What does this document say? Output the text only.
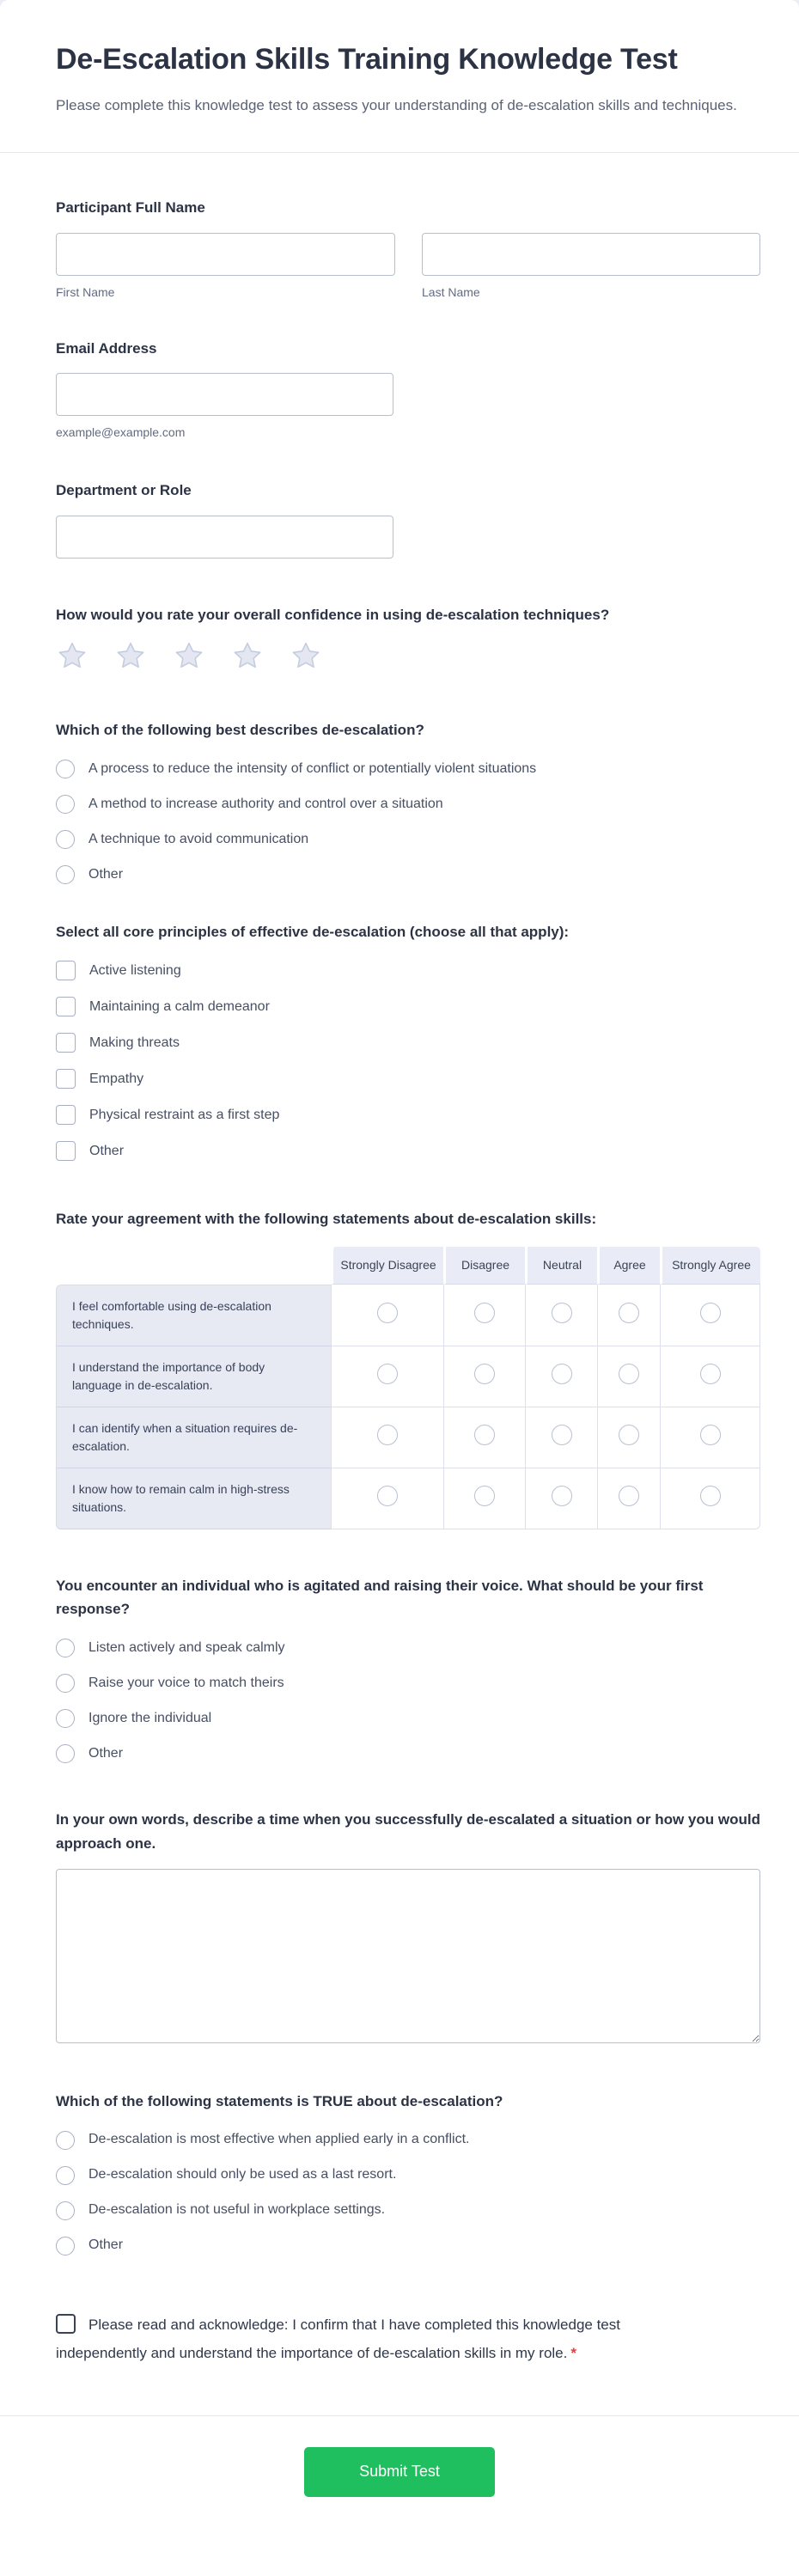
De-Escalation Skills Training Knowledge Test

Please complete this knowledge test to assess your understanding of de-escalation skills and techniques.

Participant Full Name
First Name	Last Name
Email Address
example@example.com
Department or Role
How would you rate your overall confidence in using de-escalation techniques?
Which of the following best describes de-escalation?
A process to reduce the intensity of conflict or potentially violent situations
A method to increase authority and control over a situation
A technique to avoid communication
Other
Select all core principles of effective de-escalation (choose all that apply):
Active listening
Maintaining a calm demeanor
Making threats
Empathy
Physical restraint as a first step
Other
Rate your agreement with the following statements about de-escalation skills:
	Strongly Disagree	Disagree	Neutral	Agree	Strongly Agree
I feel comfortable using de-escalation techniques.					
I understand the importance of body language in de-escalation.					
I can identify when a situation requires de-escalation.					
I know how to remain calm in high-stress situations.					
You encounter an individual who is agitated and raising their voice. What should be your first response?
Listen actively and speak calmly
Raise your voice to match theirs
Ignore the individual
Other
In your own words, describe a time when you successfully de-escalated a situation or how you would approach one.
Which of the following statements is TRUE about de-escalation?
De-escalation is most effective when applied early in a conflict.
De-escalation should only be used as a last resort.
De-escalation is not useful in workplace settings.
Other
Please read and acknowledge: I confirm that I have completed this knowledge test independently and understand the importance of de-escalation skills in my role. *
Submit Test
